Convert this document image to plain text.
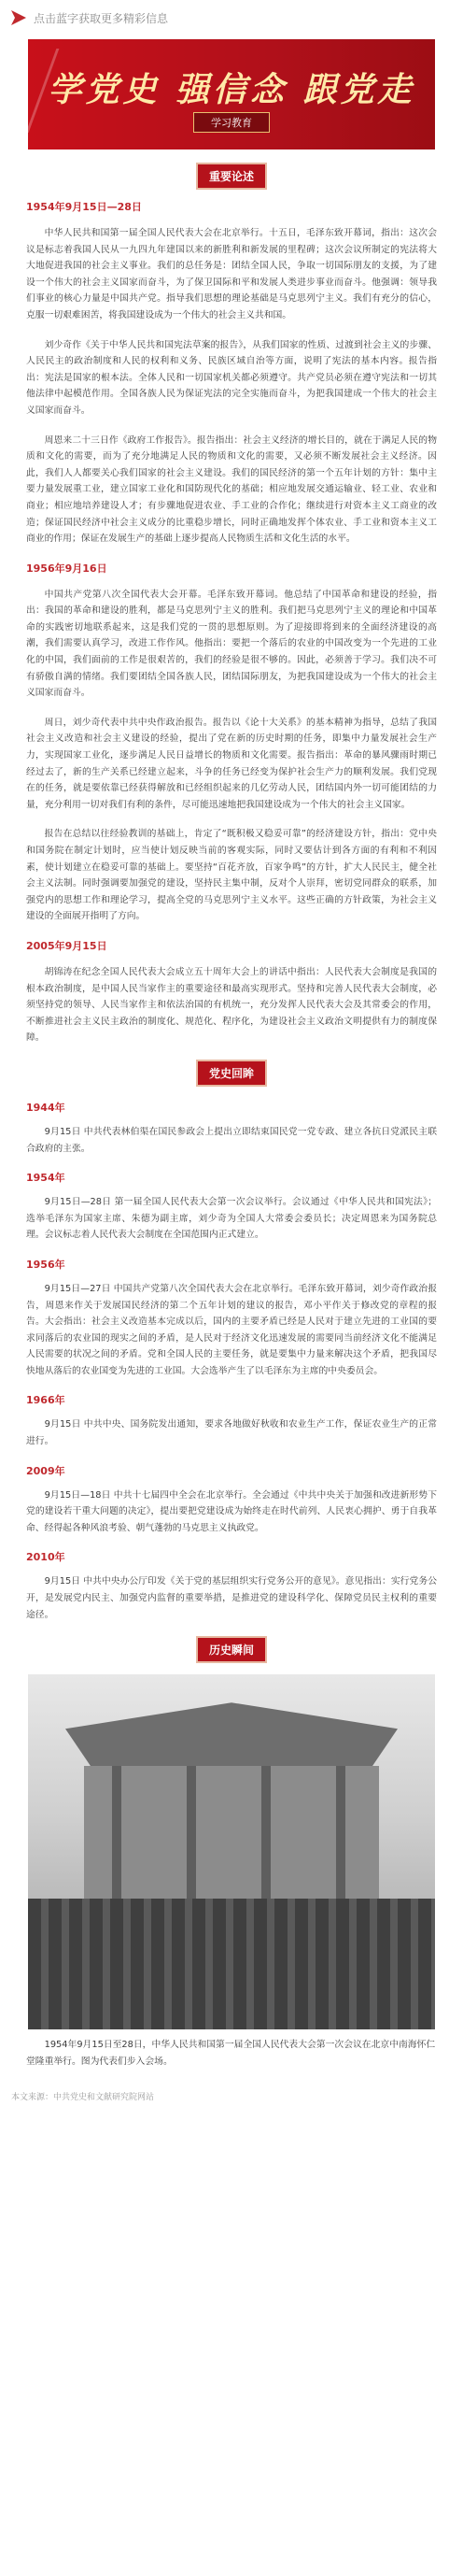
点击蓝字获取更多精彩信息
学党史 强信念 跟党走
学习教育
重要论述
1954年9月15日—28日

中华人民共和国第一届全国人民代表大会在北京举行。十五日，毛泽东致开幕词，指出：这次会议是标志着我国人民从一九四九年建国以来的新胜利和新发展的里程碑；这次会议所制定的宪法将大大地促进我国的社会主义事业。我们的总任务是：团结全国人民，争取一切国际朋友的支援，为了建设一个伟大的社会主义国家而奋斗，为了保卫国际和平和发展人类进步事业而奋斗。他强调：领导我们事业的核心力量是中国共产党。指导我们思想的理论基础是马克思列宁主义。我们有充分的信心，克服一切艰难困苦，将我国建设成为一个伟大的社会主义共和国。

刘少奇作《关于中华人民共和国宪法草案的报告》，从我们国家的性质、过渡到社会主义的步骤、人民民主的政治制度和人民的权利和义务、民族区域自治等方面，说明了宪法的基本内容。报告指出：宪法是国家的根本法。全体人民和一切国家机关都必须遵守。共产党员必须在遵守宪法和一切其他法律中起模范作用。全国各族人民为保证宪法的完全实施而奋斗，为把我国建成一个伟大的社会主义国家而奋斗。

周恩来二十三日作《政府工作报告》。报告指出：社会主义经济的增长目的，就在于满足人民的物质和文化的需要，而为了充分地满足人民的物质和文化的需要，又必须不断发展社会主义经济。因此，我们人人都要关心我们国家的社会主义建设。我们的国民经济的第一个五年计划的方针：集中主要力量发展重工业，建立国家工业化和国防现代化的基础；相应地发展交通运输业、轻工业、农业和商业；相应地培养建设人才；有步骤地促进农业、手工业的合作化；继续进行对资本主义工商业的改造；保证国民经济中社会主义成分的比重稳步增长，同时正确地发挥个体农业、手工业和资本主义工商业的作用；保证在发展生产的基础上逐步提高人民物质生活和文化生活的水平。

1956年9月16日

中国共产党第八次全国代表大会开幕。毛泽东致开幕词。他总结了中国革命和建设的经验，指出：我国的革命和建设的胜利，都是马克思列宁主义的胜利。我们把马克思列宁主义的理论和中国革命的实践密切地联系起来，这是我们党的一贯的思想原则。为了迎接即将到来的全面经济建设的高潮，我们需要认真学习，改进工作作风。他指出：要把一个落后的农业的中国改变为一个先进的工业化的中国，我们面前的工作是很艰苦的，我们的经验是很不够的。因此，必须善于学习。我们决不可有骄傲自满的情绪。我们要团结全国各族人民，团结国际朋友，为把我国建设成为一个伟大的社会主义国家而奋斗。

周日，刘少奇代表中共中央作政治报告。报告以《论十大关系》的基本精神为指导，总结了我国社会主义改造和社会主义建设的经验，提出了党在新的历史时期的任务，即集中力量发展社会生产力，实现国家工业化，逐步满足人民日益增长的物质和文化需要。报告指出：革命的暴风骤雨时期已经过去了，新的生产关系已经建立起来，斗争的任务已经变为保护社会生产力的顺利发展。我们党现在的任务，就是要依靠已经获得解放和已经组织起来的几亿劳动人民，团结国内外一切可能团结的力量，充分利用一切对我们有利的条件，尽可能迅速地把我国建设成为一个伟大的社会主义国家。

报告在总结以往经验教训的基础上，肯定了“既积极又稳妥可靠”的经济建设方针，指出：党中央和国务院在制定计划时，应当使计划反映当前的客观实际，同时又要估计到各方面的有利和不利因素，使计划建立在稳妥可靠的基础上。要坚持“百花齐放，百家争鸣”的方针，扩大人民民主，健全社会主义法制。同时强调要加强党的建设，坚持民主集中制，反对个人崇拜，密切党同群众的联系，加强党内的思想工作和理论学习，提高全党的马克思列宁主义水平。这些正确的方针政策，为社会主义建设的全面展开指明了方向。

2005年9月15日

胡锦涛在纪念全国人民代表大会成立五十周年大会上的讲话中指出：人民代表大会制度是我国的根本政治制度，是中国人民当家作主的重要途径和最高实现形式。坚持和完善人民代表大会制度，必须坚持党的领导、人民当家作主和依法治国的有机统一，充分发挥人民代表大会及其常委会的作用，不断推进社会主义民主政治的制度化、规范化、程序化，为建设社会主义政治文明提供有力的制度保障。

党史回眸
1944年

9月15日 中共代表林伯渠在国民参政会上提出立即结束国民党一党专政、建立各抗日党派民主联合政府的主张。

1954年

9月15日—28日 第一届全国人民代表大会第一次会议举行。会议通过《中华人民共和国宪法》；选举毛泽东为国家主席、朱德为副主席，刘少奇为全国人大常委会委员长；决定周恩来为国务院总理。会议标志着人民代表大会制度在全国范围内正式建立。

1956年

9月15日—27日 中国共产党第八次全国代表大会在北京举行。毛泽东致开幕词，刘少奇作政治报告，周恩来作关于发展国民经济的第二个五年计划的建议的报告，邓小平作关于修改党的章程的报告。大会指出：社会主义改造基本完成以后，国内的主要矛盾已经是人民对于建立先进的工业国的要求同落后的农业国的现实之间的矛盾，是人民对于经济文化迅速发展的需要同当前经济文化不能满足人民需要的状况之间的矛盾。党和全国人民的主要任务，就是要集中力量来解决这个矛盾，把我国尽快地从落后的农业国变为先进的工业国。大会选举产生了以毛泽东为主席的中央委员会。

1966年

9月15日 中共中央、国务院发出通知，要求各地做好秋收和农业生产工作，保证农业生产的正常进行。

2009年

9月15日—18日 中共十七届四中全会在北京举行。全会通过《中共中央关于加强和改进新形势下党的建设若干重大问题的决定》，提出要把党建设成为始终走在时代前列、人民衷心拥护、勇于自我革命、经得起各种风浪考验、朝气蓬勃的马克思主义执政党。

2010年

9月15日 中共中央办公厅印发《关于党的基层组织实行党务公开的意见》。意见指出：实行党务公开，是发展党内民主、加强党内监督的重要举措，是推进党的建设科学化、保障党员民主权利的重要途径。

历史瞬间

1954年9月15日至28日，中华人民共和国第一届全国人民代表大会第一次会议在北京中南海怀仁堂隆重举行。图为代表们步入会场。

本文来源：中共党史和文献研究院网站
